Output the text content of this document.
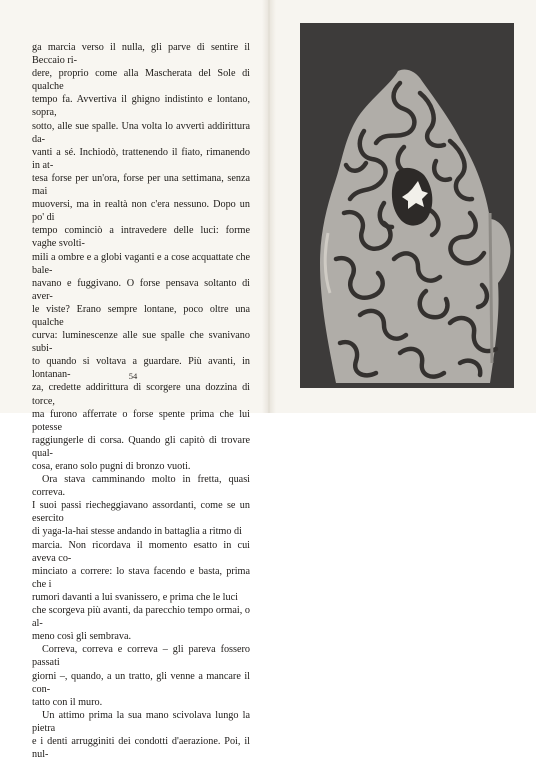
ga marcia verso il nulla, gli parve di sentire il Beccaio ri-

dere, proprio come alla Mascherata del Sole di qualche

tempo fa. Avvertiva il ghigno indistinto e lontano, sopra,

sotto, alle sue spalle. Una volta lo avvertì addirittura da-

vanti a sé. Inchiodò, trattenendo il fiato, rimanendo in at-

tesa forse per un'ora, forse per una settimana, senza mai

muoversi, ma in realtà non c'era nessuno. Dopo un po' di

tempo cominciò a intravedere delle luci: forme vaghe svolti-

mili a ombre e a globi vaganti e a cose acquattate che bale-

navano e fuggivano. O forse pensava soltanto di aver-

le viste? Erano sempre lontane, poco oltre una qualche

curva: luminescenze alle sue spalle che svanivano subi-

to quando si voltava a guardare. Più avanti, in lontanan-

za, credette addirittura di scorgere una dozzina di torce,

ma furono afferrate o forse spente prima che lui potesse

raggiungerle di corsa. Quando gli capitò di trovare qual-

cosa, erano solo pugni di bronzo vuoti.

Ora stava camminando molto in fretta, quasi correva.

I suoi passi riecheggiavano assordanti, come se un esercito

di yaga-la-hai stesse andando in battaglia a ritmo di

marcia. Non ricordava il momento esatto in cui aveva co-

minciato a correre: lo stava facendo e basta, prima che i

rumori davanti a lui svanissero, e prima che le luci

che scorgeva più avanti, da parecchio tempo ormai, o al-

meno così gli sembrava.

Correva, correva e correva – gli pareva fossero passati

giorni –, quando, a un tratto, gli venne a mancare il con-

tatto con il muro.

Un attimo prima la sua mano scivolava lungo la pietra

e i denti arrugginiti dei condotti d'aerazione. Poi, il nul-

54
